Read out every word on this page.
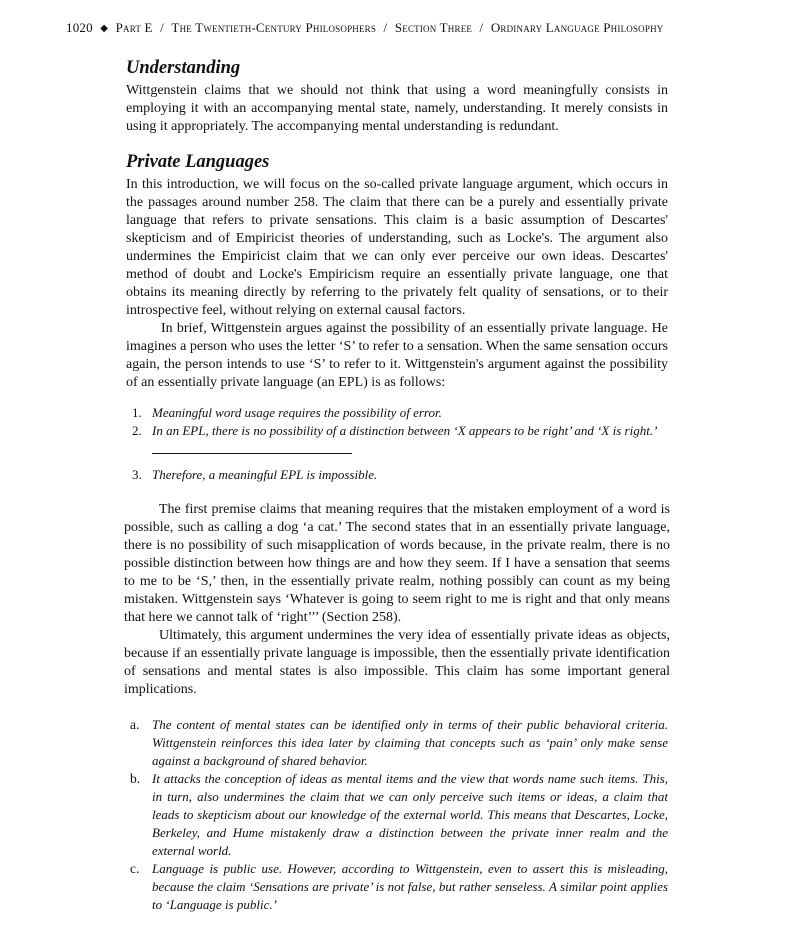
1020 ◆ Part E / The Twentieth-Century Philosophers / Section Three / Ordinary Language Philosophy
Understanding

Wittgenstein claims that we should not think that using a word meaningfully consists in employing it with an accompanying mental state, namely, understanding. It merely consists in using it appropriately. The accompanying mental understanding is redundant.

Private Languages

In this introduction, we will focus on the so-called private language argument, which occurs in the passages around number 258. The claim that there can be a purely and essentially private language that refers to private sensations. This claim is a basic assumption of Descartes' skepticism and of Empiricist theories of understanding, such as Locke's. The argument also undermines the Empiricist claim that we can only ever perceive our own ideas. Descartes' method of doubt and Locke's Empiricism require an essentially private language, one that obtains its meaning directly by referring to the privately felt quality of sensations, or to their introspective feel, without relying on external causal factors.

In brief, Wittgenstein argues against the possibility of an essentially private language. He imagines a person who uses the letter ‘S’ to refer to a sensation. When the same sensation occurs again, the person intends to use ‘S’ to refer to it. Wittgenstein's argument against the possibility of an essentially private language (an EPL) is as follows:

1. Meaningful word usage requires the possibility of error.
2. In an EPL, there is no possibility of a distinction between ‘X appears to be right’ and ‘X is right.’
3. Therefore, a meaningful EPL is impossible.

The first premise claims that meaning requires that the mistaken employment of a word is possible, such as calling a dog ‘a cat.’ The second states that in an essentially private language, there is no possibility of such misapplication of words because, in the private realm, there is no possible distinction between how things are and how they seem. If I have a sensation that seems to me to be ‘S,’ then, in the essentially private realm, nothing possibly can count as my being mistaken. Wittgenstein says ‘Whatever is going to seem right to me is right and that only means that here we cannot talk of ‘right’’’ (Section 258).

Ultimately, this argument undermines the very idea of essentially private ideas as objects, because if an essentially private language is impossible, then the essentially private identification of sensations and mental states is also impossible. This claim has some important general implications.

a. The content of mental states can be identified only in terms of their public behavioral criteria. Wittgenstein reinforces this idea later by claiming that concepts such as ‘pain’ only make sense against a background of shared behavior.
b. It attacks the conception of ideas as mental items and the view that words name such items. This, in turn, also undermines the claim that we can only perceive such items or ideas, a claim that leads to skepticism about our knowledge of the external world. This means that Descartes, Locke, Berkeley, and Hume mistakenly draw a distinction between the private inner realm and the external world.
c. Language is public use. However, according to Wittgenstein, even to assert this is misleading, because the claim ‘Sensations are private’ is not false, but rather senseless. A similar point applies to ‘Language is public.’
